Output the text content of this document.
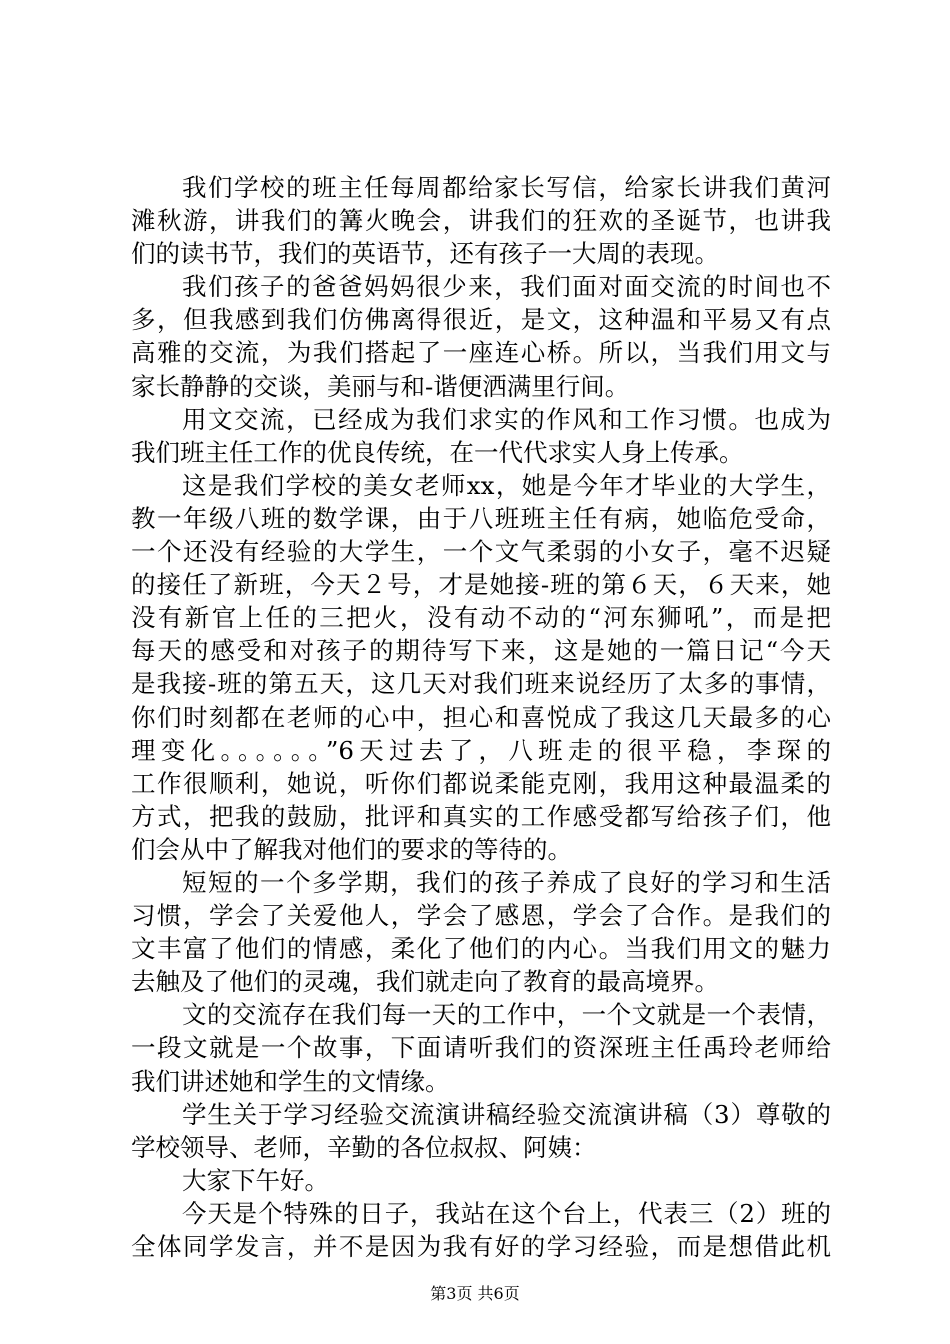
我们学校的班主任每周都给家长写信，给家长讲我们黄河
滩秋游，讲我们的篝火晚会，讲我们的狂欢的圣诞节，也讲我
们的读书节，我们的英语节，还有孩子一大周的表现。
我们孩子的爸爸妈妈很少来，我们面对面交流的时间也不
多，但我感到我们仿佛离得很近，是文，这种温和平易又有点
高雅的交流，为我们搭起了一座连心桥。所以，当我们用文与
家长静静的交谈，美丽与和-谐便洒满里行间。
用文交流，已经成为我们求实的作风和工作习惯。也成为
我们班主任工作的优良传统，在一代代求实人身上传承。
这是我们学校的美女老师xx，她是今年才毕业的大学生，
教一年级八班的数学课，由于八班班主任有病，她临危受命，
一个还没有经验的大学生，一个文气柔弱的小女子，毫不迟疑
的接任了新班，今天２号，才是她接-班的第６天，６天来，她
没有新官上任的三把火，没有动不动的“河东狮吼”，而是把
每天的感受和对孩子的期待写下来，这是她的一篇日记“今天
是我接-班的第五天，这几天对我们班来说经历了太多的事情，
你们时刻都在老师的心中，担心和喜悦成了我这几天最多的心
理变化。。。。。。”6天过去了，八班走的很平稳，李琛的
工作很顺利，她说，听你们都说柔能克刚，我用这种最温柔的
方式，把我的鼓励，批评和真实的工作感受都写给孩子们，他
们会从中了解我对他们的要求的等待的。
短短的一个多学期，我们的孩子养成了良好的学习和生活
习惯，学会了关爱他人，学会了感恩，学会了合作。是我们的
文丰富了他们的情感，柔化了他们的内心。当我们用文的魅力
去触及了他们的灵魂，我们就走向了教育的最高境界。
文的交流存在我们每一天的工作中，一个文就是一个表情，
一段文就是一个故事，下面请听我们的资深班主任禹玲老师给
我们讲述她和学生的文情缘。
学生关于学习经验交流演讲稿经验交流演讲稿（3）尊敬的
学校领导、老师，辛勤的各位叔叔、阿姨：
大家下午好。
今天是个特殊的日子，我站在这个台上，代表三（2）班的
全体同学发言，并不是因为我有好的学习经验，而是想借此机
第3页 共6页
